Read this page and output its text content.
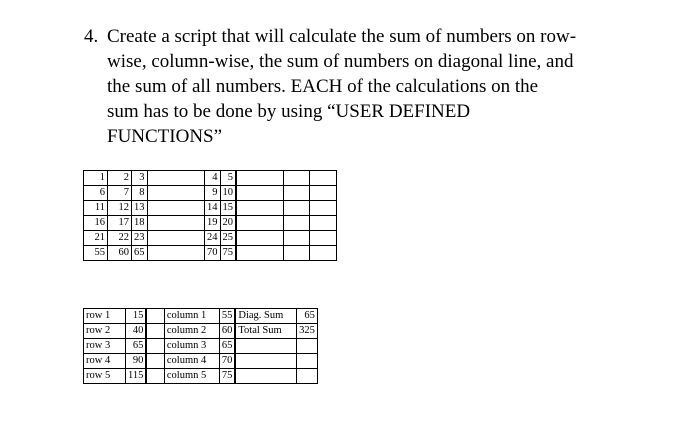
4. Create a script that will calculate the sum of numbers on row-
wise, column-wise, the sum of numbers on diagonal line, and
the sum of all numbers. EACH of the calculations on the
sum has to be done by using “USER DEFINED
FUNCTIONS”
1	2	3		4	5			
6	7	8		9	10			
11	12	13		14	15			
16	17	18		19	20			
21	22	23		24	25			
55	60	65		70	75			
row 1	15		column 1	55	Diag. Sum	65
row 2	40		column 2	60	Total Sum	325
row 3	65		column 3	65		
row 4	90		column 4	70		
row 5	115		column 5	75		
